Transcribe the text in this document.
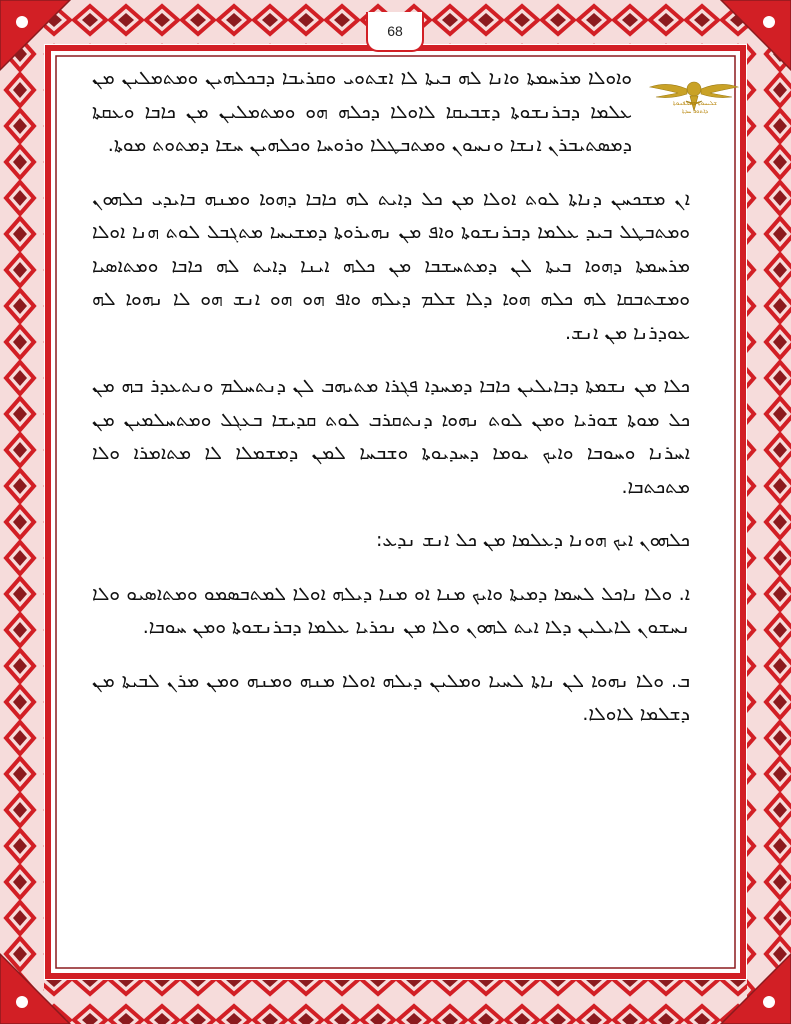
68
ܫܠܝܚܘܬܐ ܕܡܠܦܢܘܬܐ
ܕܐܬܘܪ ܚܕܬܐ

ܘܐܘܠܐ ܡܪܚܡܬܐ ܘܐܢܐ ܠܗ ܒܝܬܐ ܠܐ ܐܫܬܘܝ ܘܩܪܝܒܐ ܕܒܟܠܗܝܢ ܘܡܬܡܠܝܢ ܡܢ ܥܠܡܐ ܕܒܪܢܫܘܬܐ ܕܫܒܝܩܐ ܠܐܘܠܐ ܕܟܠܗ ܗܘ ܘܡܬܡܠܝܢ ܡܢ ܟܐܒܐ ܘܥܩܬܐ ܕܡܣܬܝܒܪܢ ܐܢܫܐ ܘܢܚܘܢ ܘܡܬܒܛܠܐ ܘܪܘܚܐ ܘܟܠܗܝܢ ܚܫܐ ܕܡܬܘܬ ܡܘܬܐ.

ܐܢ ܡܫܟܚܢ ܕܢܐܬܐ ܠܘܬ ܐܘܠܐ ܡܢ ܟܠ ܕܐܝܬ ܠܗ ܟܐܒܐ ܕܗܘܐ ܘܡܢܗ ܒܐܝܕܝ ܟܠܗܘܢ ܘܡܬܒܛܠ ܒܝܕ ܥܠܡܐ ܕܒܪܢܫܘܬܐ ܘܐܦ ܡܢ ܢܗܝܪܘܬܐ ܕܡܫܝܚܐ ܡܬܓܒܠ ܠܘܬ ܗܢܐ ܐܘܠܐ ܡܪܚܡܬܐ ܕܗܘܐ ܒܝܬܐ ܠܢ ܕܡܬܚܫܒܐ ܡܢ ܟܠܗ ܐܝܢܐ ܕܐܝܬ ܠܗ ܟܐܒܐ ܘܡܬܐܣܝܐ ܘܡܫܬܒܩܐ ܠܗ ܟܠܗ ܗܘܐ ܕܠܐ ܫܠܡ ܕܝܠܗ ܘܐܦ ܗܘ ܗܘ ܐܢܫ ܗܘ ܠܐ ܢܗܘܐ ܠܗ ܥܘܕܪܢܐ ܡܢ ܐܢܫ.

ܟܠܐ ܡܢ ܢܫܡܬܐ ܕܒܐܝܠܝܢ ܟܐܒܐ ܕܡܚܕܐ ܦܓܪܐ ܡܬܝܗܒ ܠܢ ܕܢܬܚܠܡ ܘܢܬܥܕܪ ܒܗ ܡܢ ܟܠ ܡܘܬܐ ܫܘܪܝܐ ܘܡܢ ܠܘܬ ܢܗܘܐ ܕܢܬܩܪܒ ܠܘܬ ܩܕܝܫܐ ܒܥܓܠ ܘܡܬܚܠܡܝܢ ܡܢ ܐܚܪܢܐ ܘܚܘܒܐ ܘܐܝܟ ܝܘܡܐ ܕܚܕܝܘܬܐ ܘܫܒܚܐ ܠܡܢ ܕܡܫܡܠܐ ܠܐ ܡܬܐܡܪܐ ܘܠܐ ܡܬܟܬܒܐ.

ܟܠܗܘܢ ܐܝܟ ܗܘܢܐ ܕܥܠܡܐ ܡܢ ܟܠ ܐܢܫ ܢܕܥ:

ܐ. ܘܠܐ ܢܐܟܠ ܠܚܡܐ ܕܡܝܬܐ ܘܐܝܟ ܡܢܐ ܐܘ ܡܢܐ ܕܝܠܗ ܐܘܠܐ ܠܡܬܒܣܡܘ ܘܡܬܐܣܝܘ ܘܠܐ ܢܚܫܘܢ ܠܐܝܠܝܢ ܕܠܐ ܐܝܬ ܠܗܘܢ ܘܠܐ ܡܢ ܢܟܪܝܐ ܥܠܡܐ ܕܒܪܢܫܘܬܐ ܘܡܢ ܚܘܒܐ.

ܒ. ܘܠܐ ܢܗܘܐ ܠܢ ܢܐܬܐ ܠܚܝܐ ܘܡܠܝܢ ܕܝܠܗ ܐܘܠܐ ܡܢܗ ܘܡܢܗ ܘܡܢ ܡܪܢ ܠܒܝܬܐ ܡܢ ܕܫܠܡܐ ܠܐܘܠܐ.
